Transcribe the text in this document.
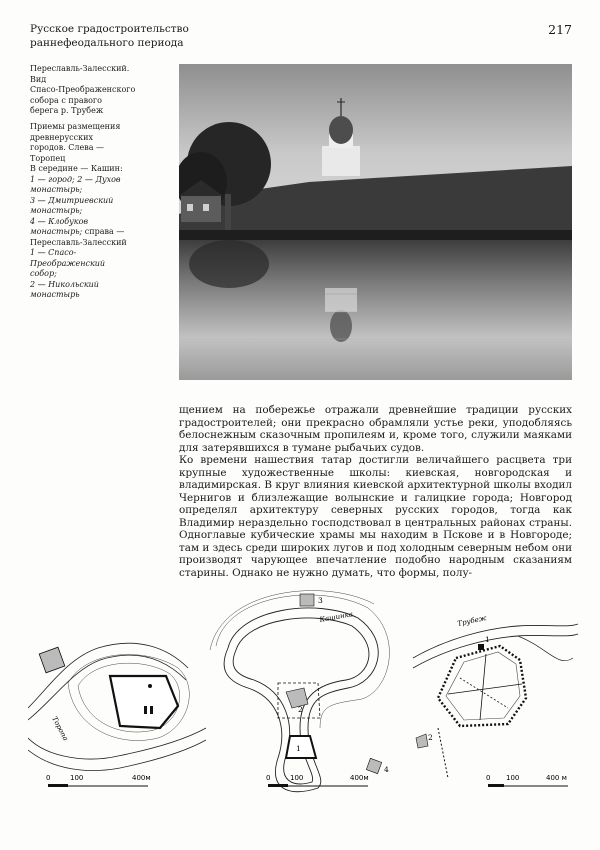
Русское градостроительство раннефеодального периода
217
Переславль-Залесский.
Вид
Спасо-Преображенского
собора с правого
берега р. Трубеж
Приемы размещения
древнерусских
городов. Слева —
Торопец
В середине — Кашин:
1 — город; 2 — Духов
монастырь;
3 — Дмитриевский
монастырь;
4 — Клобуков
монастырь; справа —
Переславль-Залесский
1 — Спасо-
Преображенский
собор;
2 — Никольский
монастырь

щением на побережье отражали древнейшие традиции русских градостроителей; они прекрасно обрамляли устье реки, уподобляясь белоснежным сказочным пропилеям и, кроме того, служили маяками для затерявшихся в тумане рыбачьих судов.

Ко времени нашествия татар достигли величайшего расцвета три крупные художественные школы: киевская, новгородская и владимирская. В круг влияния киевской архитектурной школы входил Чернигов и близлежащие волынские и галицкие города; Новгород определял архитектуру северных русских городов, тогда как Владимир нераздельно господствовал в центральных районах страны. Одноглавые кубические храмы мы находим в Пскове и в Новгороде; там и здесь среди широких лугов и под холодным северным небом они производят чарующее впечатление подобно народным сказаниям старины. Однако не нужно думать, что формы, полу-

Торопа
0	100	400м
1
2
3
4
Кашинка
0	100	400м
1
2
Трубеж
0 100	400 м
